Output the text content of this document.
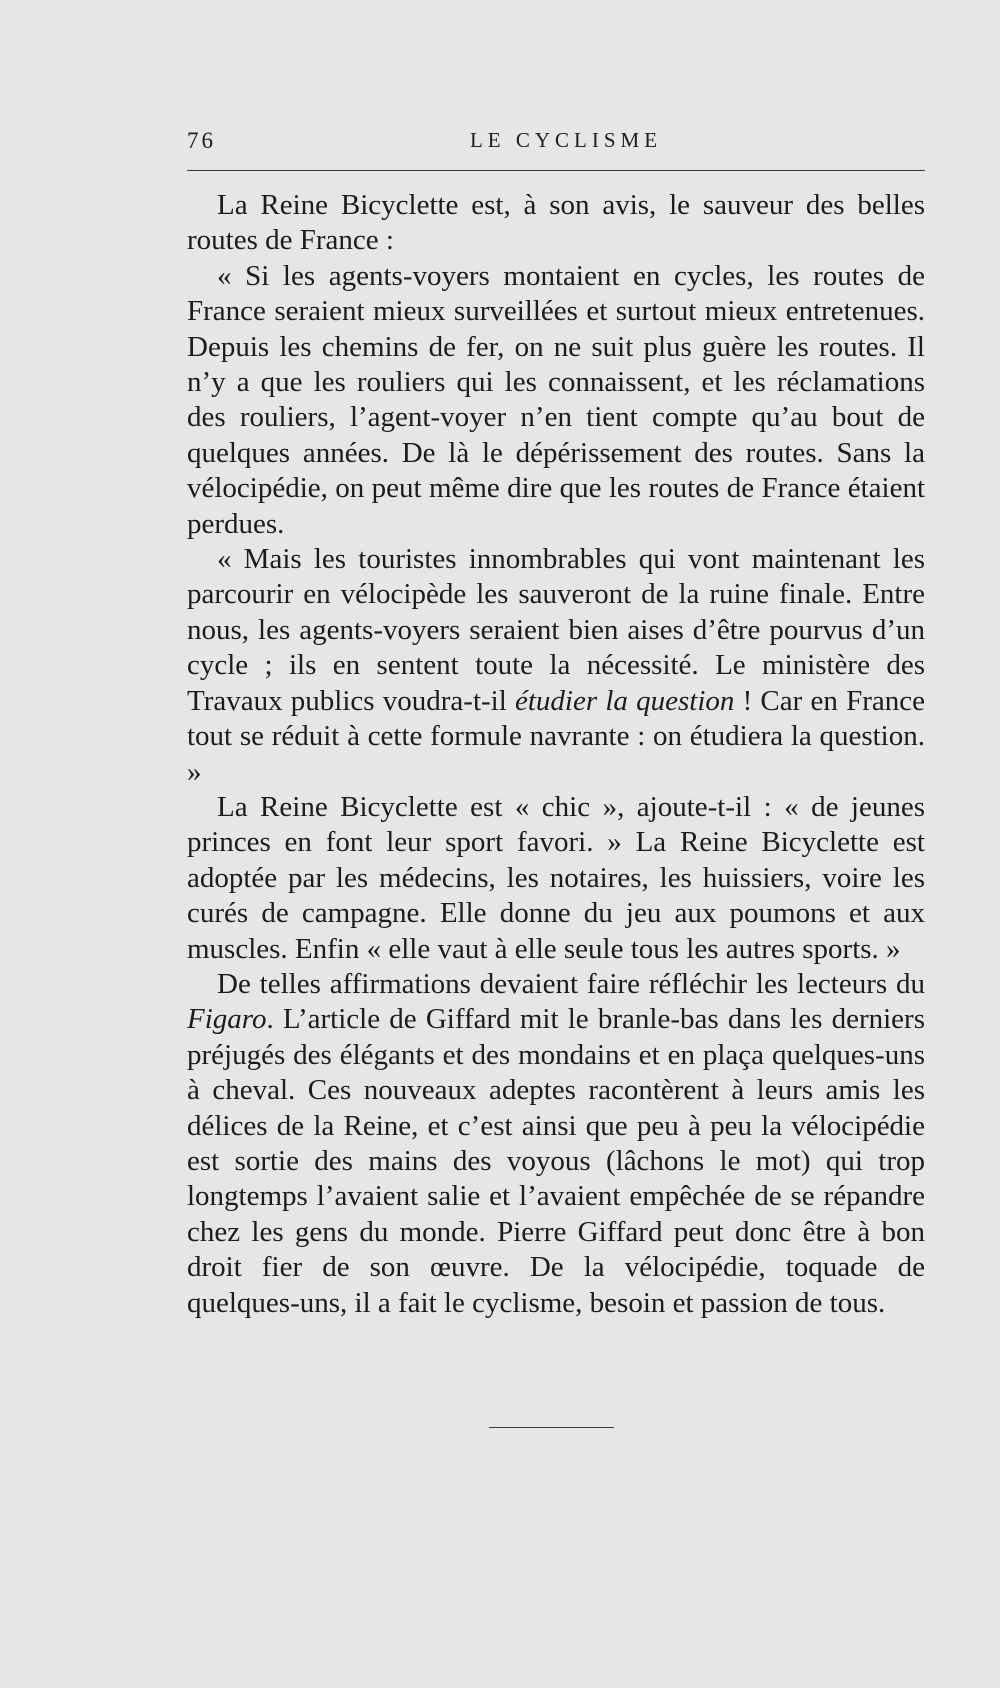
76	LE CYCLISME

La Reine Bicyclette est, à son avis, le sauveur des belles routes de France :

« Si les agents-voyers montaient en cycles, les routes de France seraient mieux surveillées et surtout mieux entretenues. Depuis les chemins de fer, on ne suit plus guère les routes. Il n’y a que les rouliers qui les connaissent, et les réclamations des rouliers, l’agent-voyer n’en tient compte qu’au bout de quelques années. De là le dépérissement des routes. Sans la vélocipédie, on peut même dire que les routes de France étaient perdues.

« Mais les touristes innombrables qui vont maintenant les parcourir en vélocipède les sauveront de la ruine finale. Entre nous, les agents-voyers seraient bien aises d’être pourvus d’un cycle ; ils en sentent toute la nécessité. Le ministère des Travaux publics voudra-t-il étudier la question ! Car en France tout se réduit à cette formule navrante : on étudiera la question. »

La Reine Bicyclette est « chic », ajoute-t-il : « de jeunes princes en font leur sport favori. » La Reine Bicyclette est adoptée par les médecins, les notaires, les huissiers, voire les curés de campagne. Elle donne du jeu aux poumons et aux muscles. Enfin « elle vaut à elle seule tous les autres sports. »

De telles affirmations devaient faire réfléchir les lecteurs du Figaro. L’article de Giffard mit le branle-bas dans les derniers préjugés des élégants et des mondains et en plaça quelques-uns à cheval. Ces nouveaux adeptes racontèrent à leurs amis les délices de la Reine, et c’est ainsi que peu à peu la vélocipédie est sortie des mains des voyous (lâchons le mot) qui trop longtemps l’avaient salie et l’avaient empêchée de se répandre chez les gens du monde. Pierre Giffard peut donc être à bon droit fier de son œuvre. De la vélocipédie, toquade de quelques-uns, il a fait le cyclisme, besoin et passion de tous.
